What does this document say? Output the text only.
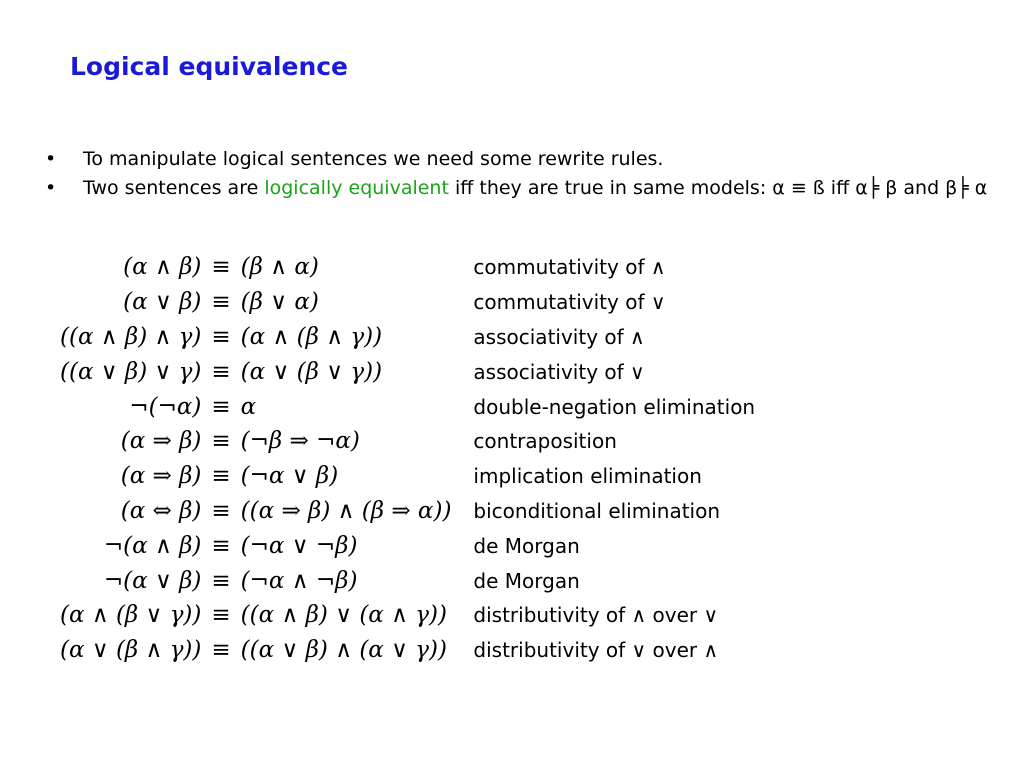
Logical equivalence
• To manipulate logical sentences we need some rewrite rules.
• Two sentences are logically equivalent iff they are true in same models: α ≡ ß iff α╞ β and β╞ α
(α ∧ β)	≡	(β ∧ α)		commutativity of ∧
(α ∨ β)	≡	(β ∨ α)		commutativity of ∨
((α ∧ β) ∧ γ)	≡	(α ∧ (β ∧ γ))		associativity of ∧
((α ∨ β) ∨ γ)	≡	(α ∨ (β ∨ γ))		associativity of ∨
¬(¬α)	≡	α		double-negation elimination
(α ⇒ β)	≡	(¬β ⇒ ¬α)		contraposition
(α ⇒ β)	≡	(¬α ∨ β)		implication elimination
(α ⇔ β)	≡	((α ⇒ β) ∧ (β ⇒ α))		biconditional elimination
¬(α ∧ β)	≡	(¬α ∨ ¬β)		de Morgan
¬(α ∨ β)	≡	(¬α ∧ ¬β)		de Morgan
(α ∧ (β ∨ γ))	≡	((α ∧ β) ∨ (α ∧ γ))		distributivity of ∧ over ∨
(α ∨ (β ∧ γ))	≡	((α ∨ β) ∧ (α ∨ γ))		distributivity of ∨ over ∧
